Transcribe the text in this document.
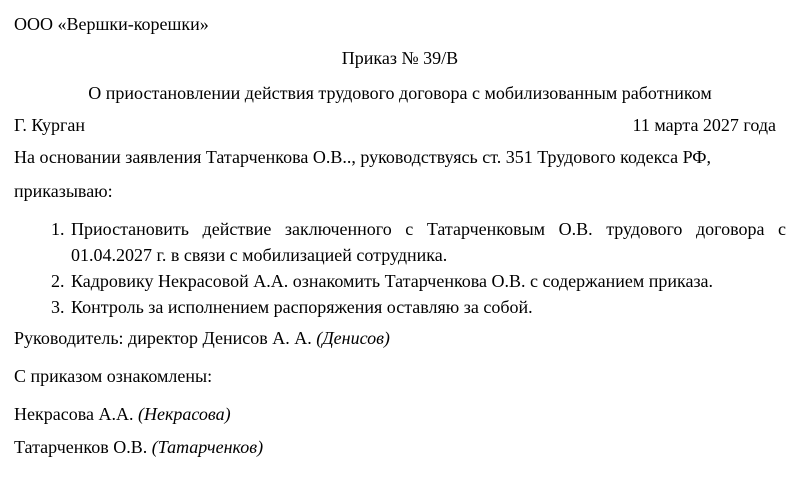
ООО «Вершки-корешки»

Приказ № 39/В

О приостановлении действия трудового договора с мобилизованным работником

Г. Курган	11 марта 2027 года

На основании заявления Татарченкова О.В.., руководствуясь ст. 351 Трудового кодекса РФ,

приказываю:

1. Приостановить действие заключенного с Татарченковым О.В. трудового договора с 01.04.2027 г. в связи с мобилизацией сотрудника.
2. Кадровику Некрасовой А.А. ознакомить Татарченкова О.В. с содержанием приказа.
3. Контроль за исполнением распоряжения оставляю за собой.

Руководитель: директор Денисов А. А. (Денисов)

С приказом ознакомлены:

Некрасова А.А. (Некрасова)

Татарченков О.В. (Татарченков)
